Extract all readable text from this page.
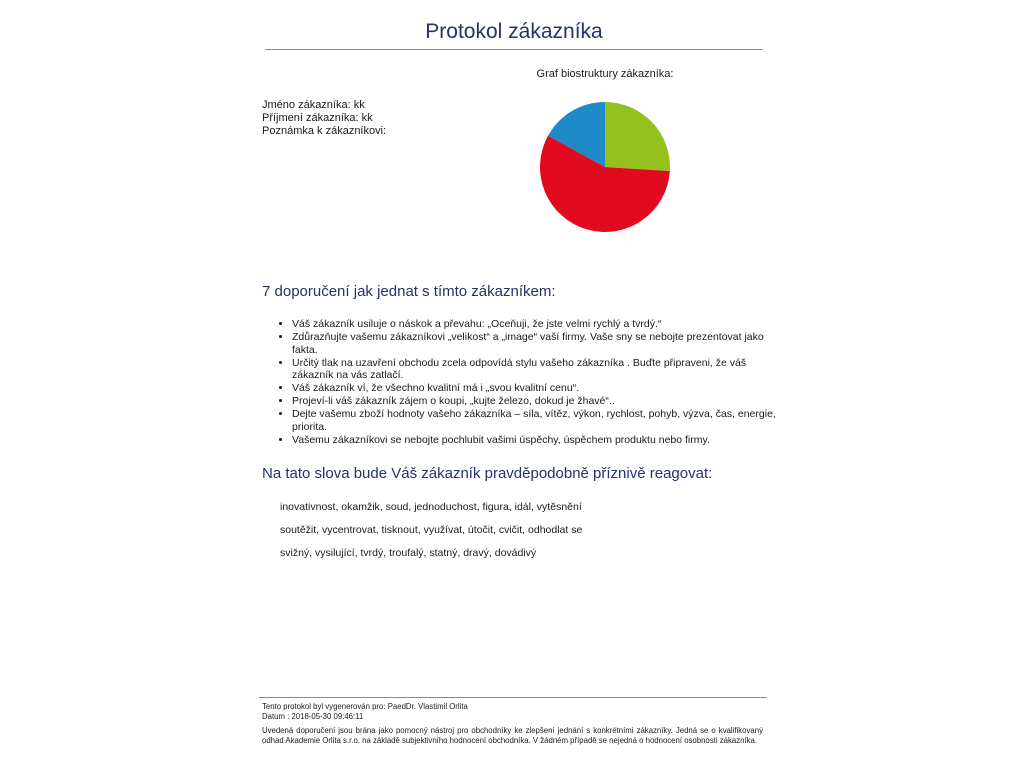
Protokol zákazníka
Jméno zákazníka: kk
Příjmení zákazníka: kk
Poznámka k zákazníkovi:
Graf biostruktury zákazníka:
7 doporučení jak jednat s tímto zákazníkem:
• Váš zákazník usiluje o náskok a převahu: „Oceňuji, že jste velmi rychlý a tvrdý.“
• Zdůrazňujte vašemu zákazníkovi „velikost“ a „image“ vaší firmy. Vaše sny se nebojte prezentovat jako fakta.
• Určitý tlak na uzavření obchodu zcela odpovídá stylu vašeho zákazníka . Buďte připraveni, že váš zákazník na vás zatlačí.
• Váš zákazník ví, že všechno kvalitní má i „svou kvalitní cenu“.
• Projeví-li váš zákazník zájem o koupi, „kujte železo, dokud je žhavé“..
• Dejte vašemu zboží hodnoty vašeho zákazníka – síla, vítěz, výkon, rychlost, pohyb, výzva, čas, energie, priorita.
• Vašemu zákazníkovi se nebojte pochlubit vašimi úspěchy, úspěchem produktu nebo firmy.
Na tato slova bude Váš zákazník pravděpodobně příznivě reagovat:
inovativnost, okamžik, soud, jednoduchost, figura, idál, vytěsnění
soutěžit, vycentrovat, tisknout, využívat, útočit, cvičit, odhodlat se
svižný, vysilující, tvrdý, troufalý, statný, dravý, dovádivý
Tento protokol byl vygenerován pro: PaedDr. Vlastimil Orlita
Datum : 2018-05-30 09:46:11
Uvedená doporučení jsou brána jako pomocný nástroj pro obchodníky ke zlepšení jednání s konkrétními zákazníky. Jedná se o kvalifikovaný odhad Akademie Orlita s.r.o. na základě subjektivního hodnocení obchodníka. V žádném případě se nejedná o hodnocení osobnosti zákazníka.
